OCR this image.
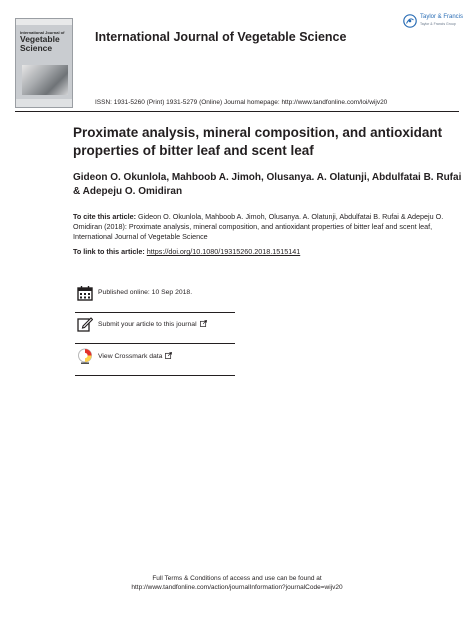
International Journal of
Vegetable
Science
International Journal of Vegetable Science
Taylor & Francis
Taylor & Francis Group
ISSN: 1931-5260 (Print) 1931-5279 (Online) Journal homepage: http://www.tandfonline.com/loi/wijv20
Proximate analysis, mineral composition, and antioxidant properties of bitter leaf and scent leaf
Gideon O. Okunlola, Mahboob A. Jimoh, Olusanya. A. Olatunji, Abdulfatai B. Rufai & Adepeju O. Omidiran
To cite this article: Gideon O. Okunlola, Mahboob A. Jimoh, Olusanya. A. Olatunji, Abdulfatai B. Rufai & Adepeju O. Omidiran (2018): Proximate analysis, mineral composition, and antioxidant properties of bitter leaf and scent leaf, International Journal of Vegetable Science
To link to this article: https://doi.org/10.1080/19315260.2018.1515141
Published online: 10 Sep 2018.
Submit your article to this journal
View Crossmark data
Full Terms & Conditions of access and use can be found at
http://www.tandfonline.com/action/journalInformation?journalCode=wijv20
